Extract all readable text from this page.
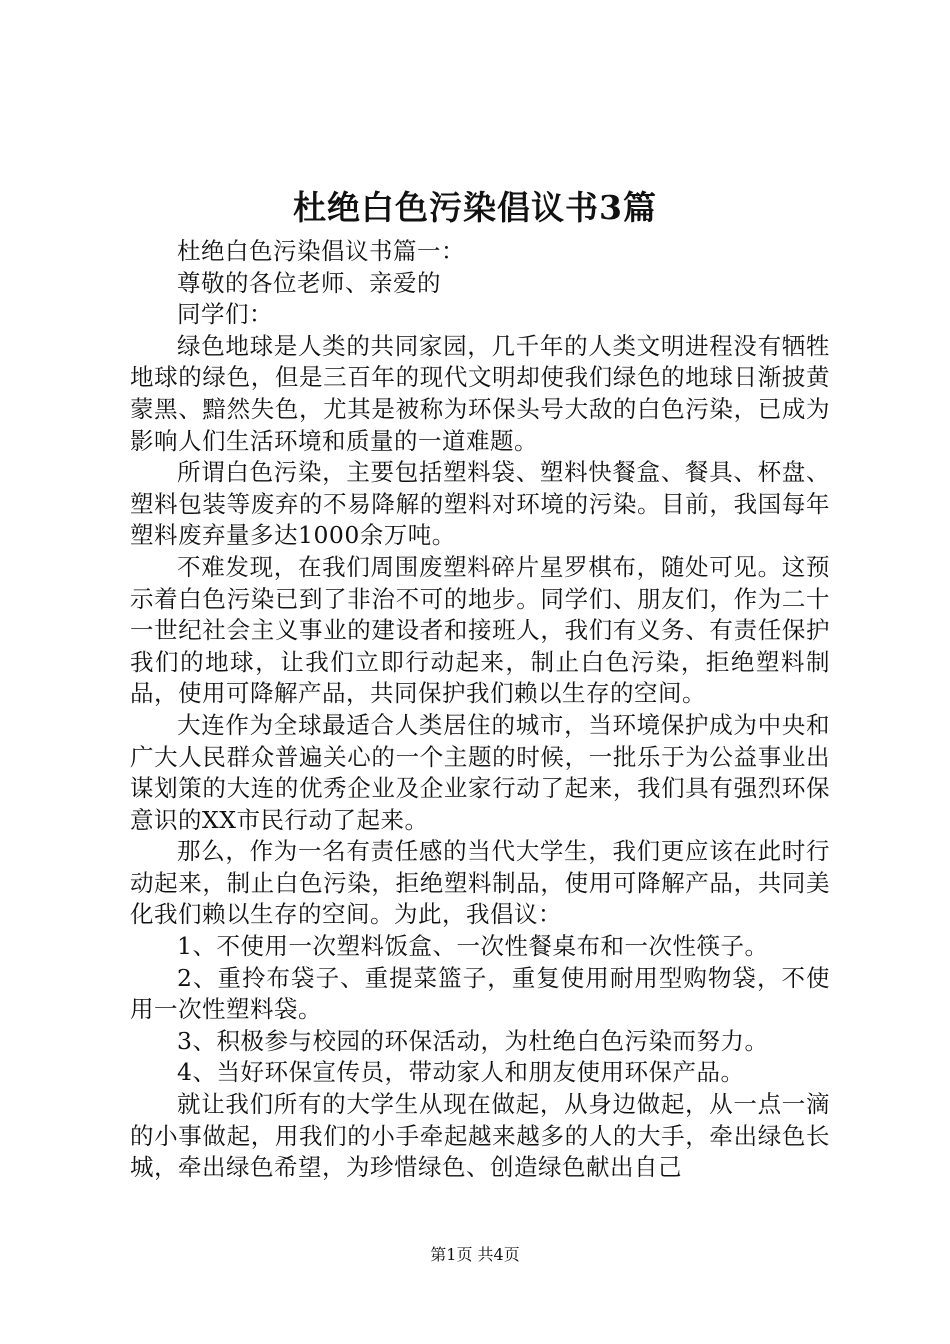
杜绝白色污染倡议书3篇

杜绝白色污染倡议书篇一：

尊敬的各位老师、亲爱的

同学们：

绿色地球是人类的共同家园，几千年的人类文明进程没有牺牲地球的绿色，但是三百年的现代文明却使我们绿色的地球日渐披黄蒙黑、黯然失色，尤其是被称为环保头号大敌的白色污染，已成为影响人们生活环境和质量的一道难题。

所谓白色污染，主要包括塑料袋、塑料快餐盒、餐具、杯盘、塑料包装等废弃的不易降解的塑料对环境的污染。目前，我国每年塑料废弃量多达1000余万吨。

不难发现，在我们周围废塑料碎片星罗棋布，随处可见。这预示着白色污染已到了非治不可的地步。同学们、朋友们，作为二十一世纪社会主义事业的建设者和接班人，我们有义务、有责任保护我们的地球，让我们立即行动起来，制止白色污染，拒绝塑料制品，使用可降解产品，共同保护我们赖以生存的空间。

大连作为全球最适合人类居住的城市，当环境保护成为中央和广大人民群众普遍关心的一个主题的时候，一批乐于为公益事业出谋划策的大连的优秀企业及企业家行动了起来，我们具有强烈环保意识的XX市民行动了起来。

那么，作为一名有责任感的当代大学生，我们更应该在此时行动起来，制止白色污染，拒绝塑料制品，使用可降解产品，共同美化我们赖以生存的空间。为此，我倡议：

1、不使用一次塑料饭盒、一次性餐桌布和一次性筷子。

2、重拎布袋子、重提菜篮子，重复使用耐用型购物袋，不使用一次性塑料袋。

3、积极参与校园的环保活动，为杜绝白色污染而努力。

4、当好环保宣传员，带动家人和朋友使用环保产品。

就让我们所有的大学生从现在做起，从身边做起，从一点一滴的小事做起，用我们的小手牵起越来越多的人的大手，牵出绿色长城，牵出绿色希望，为珍惜绿色、创造绿色献出自己

第1页 共4页
